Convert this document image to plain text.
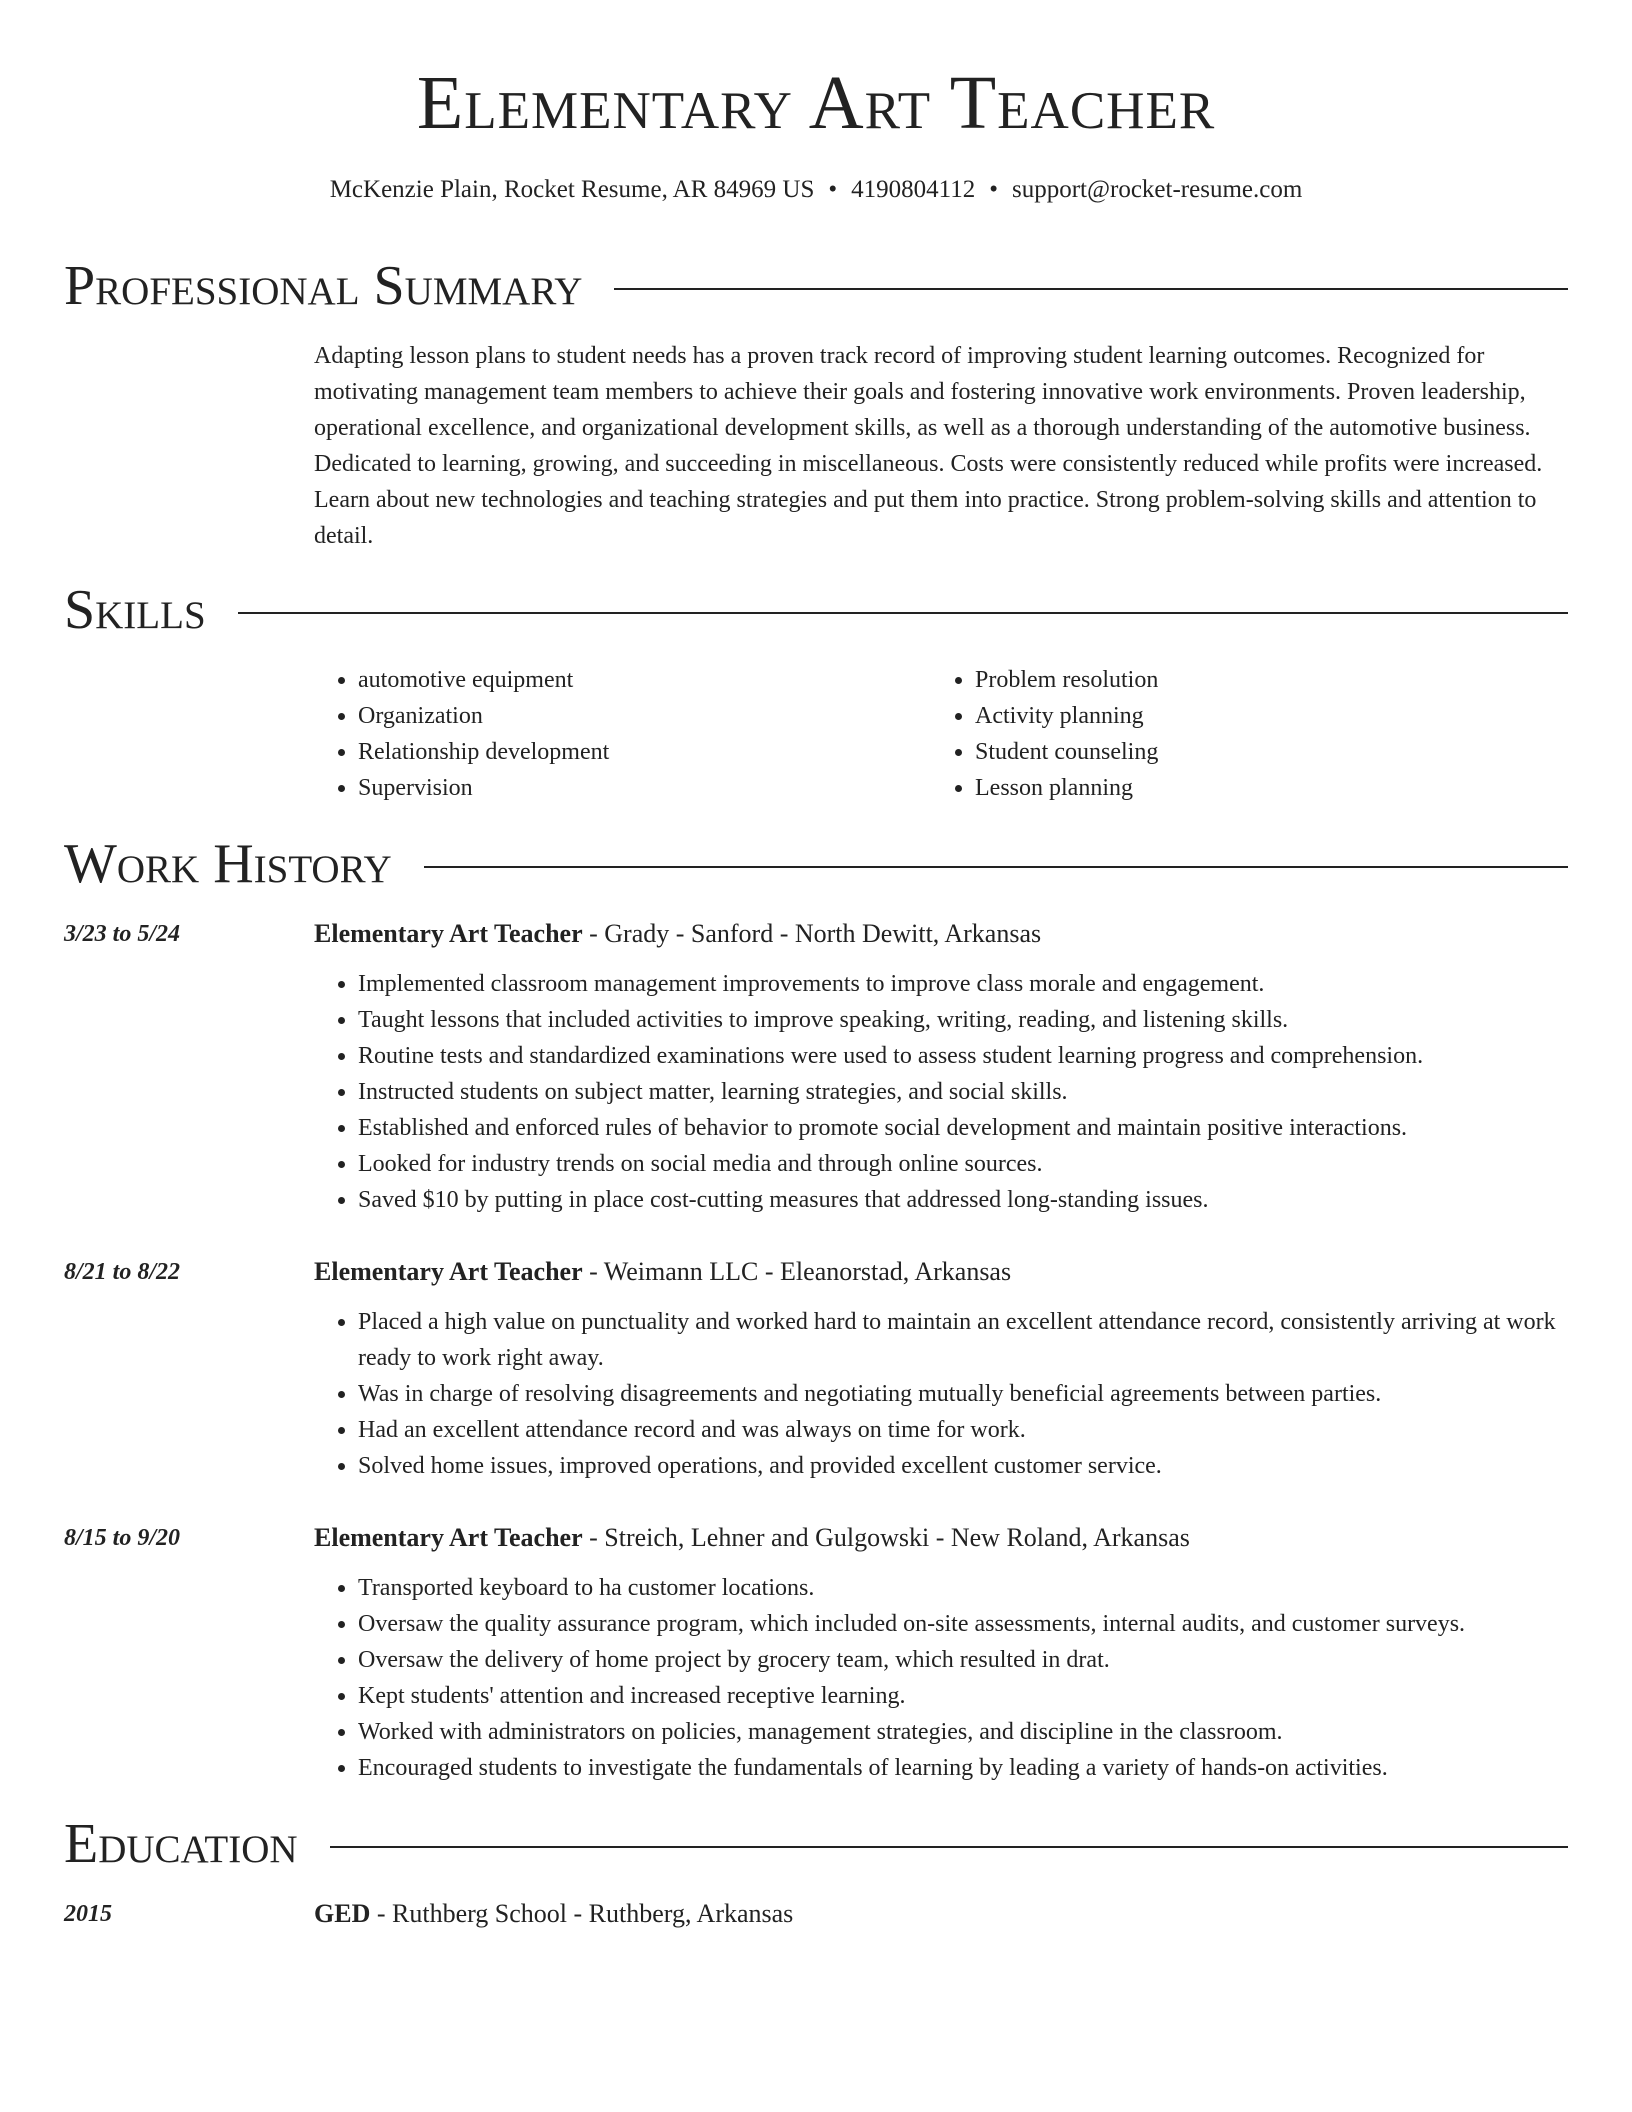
Elementary Art Teacher
McKenzie Plain, Rocket Resume, AR 84969 US • 4190804112 • support@rocket-resume.com
Professional Summary
Adapting lesson plans to student needs has a proven track record of improving student learning outcomes. Recognized for motivating management team members to achieve their goals and fostering innovative work environments. Proven leadership, operational excellence, and organizational development skills, as well as a thorough understanding of the automotive business. Dedicated to learning, growing, and succeeding in miscellaneous. Costs were consistently reduced while profits were increased. Learn about new technologies and teaching strategies and put them into practice. Strong problem-solving skills and attention to detail.
Skills
• automotive equipment
• Organization
• Relationship development
• Supervision
• Problem resolution
• Activity planning
• Student counseling
• Lesson planning
Work History
3/23 to 5/24	Elementary Art Teacher - Grady - Sanford - North Dewitt, Arkansas
• Implemented classroom management improvements to improve class morale and engagement.
• Taught lessons that included activities to improve speaking, writing, reading, and listening skills.
• Routine tests and standardized examinations were used to assess student learning progress and comprehension.
• Instructed students on subject matter, learning strategies, and social skills.
• Established and enforced rules of behavior to promote social development and maintain positive interactions.
• Looked for industry trends on social media and through online sources.
• Saved $10 by putting in place cost-cutting measures that addressed long-standing issues.
8/21 to 8/22	Elementary Art Teacher - Weimann LLC - Eleanorstad, Arkansas
• Placed a high value on punctuality and worked hard to maintain an excellent attendance record, consistently arriving at work ready to work right away.
• Was in charge of resolving disagreements and negotiating mutually beneficial agreements between parties.
• Had an excellent attendance record and was always on time for work.
• Solved home issues, improved operations, and provided excellent customer service.
8/15 to 9/20	Elementary Art Teacher - Streich, Lehner and Gulgowski - New Roland, Arkansas
• Transported keyboard to ha customer locations.
• Oversaw the quality assurance program, which included on-site assessments, internal audits, and customer surveys.
• Oversaw the delivery of home project by grocery team, which resulted in drat.
• Kept students' attention and increased receptive learning.
• Worked with administrators on policies, management strategies, and discipline in the classroom.
• Encouraged students to investigate the fundamentals of learning by leading a variety of hands-on activities.
Education
2015	GED - Ruthberg School - Ruthberg, Arkansas
